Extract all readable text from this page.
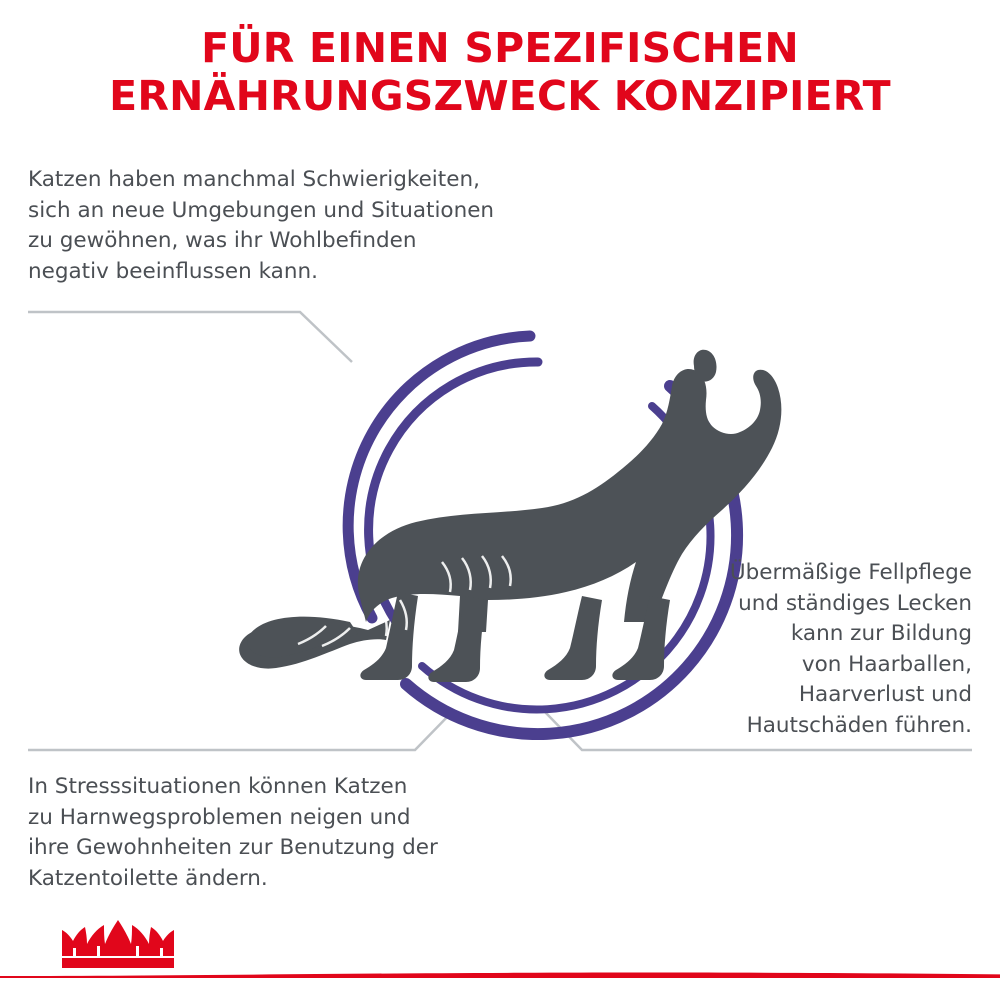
FÜR EINEN SPEZIFISCHEN
ERNÄHRUNGSZWECK KONZIPIERT
Katzen haben manchmal Schwierigkeiten,
sich an neue Umgebungen und Situationen
zu gewöhnen, was ihr Wohlbefinden
negativ beeinflussen kann.
Übermäßige Fellpflege
und ständiges Lecken
kann zur Bildung
von Haarballen,
Haarverlust und
Hautschäden führen.
In Stresssituationen können Katzen
zu Harnwegsproblemen neigen und
ihre Gewohnheiten zur Benutzung der
Katzentoilette ändern.
